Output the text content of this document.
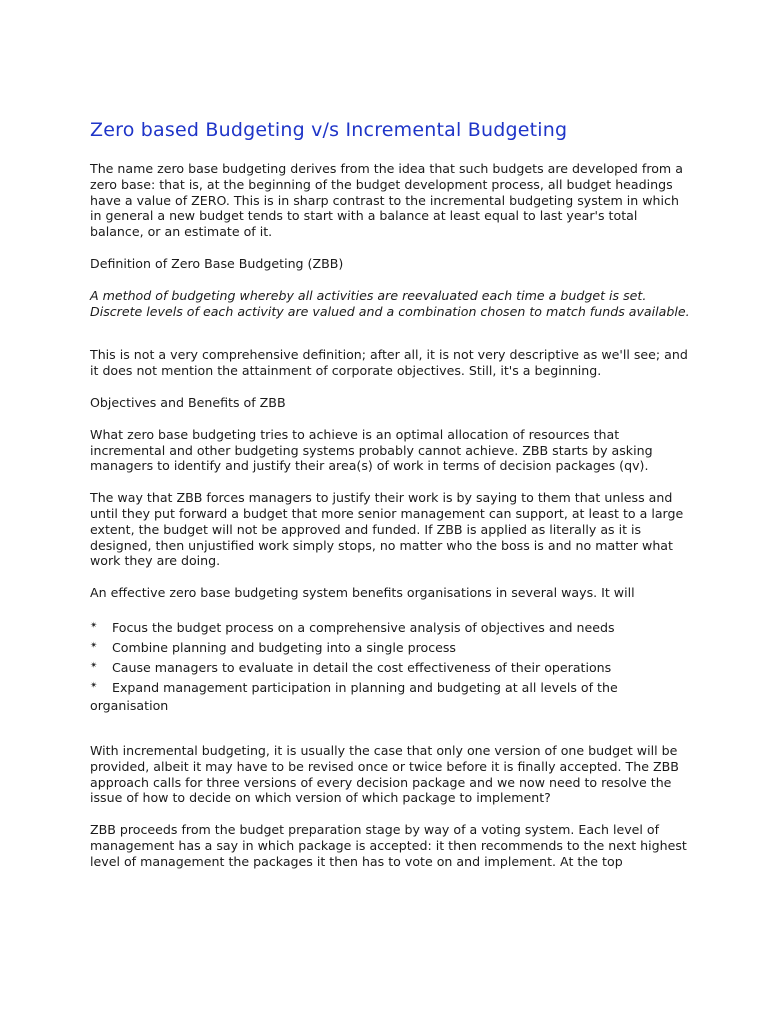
Zero based Budgeting v/s Incremental Budgeting

The name zero base budgeting derives from the idea that such budgets are developed from a zero base: that is, at the beginning of the budget development process, all budget headings have a value of ZERO. This is in sharp contrast to the incremental budgeting system in which in general a new budget tends to start with a balance at least equal to last year's total balance, or an estimate of it.

Definition of Zero Base Budgeting (ZBB)

A method of budgeting whereby all activities are reevaluated each time a budget is set. Discrete levels of each activity are valued and a combination chosen to match funds available.

This is not a very comprehensive definition; after all, it is not very descriptive as we'll see; and it does not mention the attainment of corporate objectives. Still, it's a beginning.

Objectives and Benefits of ZBB

What zero base budgeting tries to achieve is an optimal allocation of resources that incremental and other budgeting systems probably cannot achieve. ZBB starts by asking managers to identify and justify their area(s) of work in terms of decision packages (qv).

The way that ZBB forces managers to justify their work is by saying to them that unless and until they put forward a budget that more senior management can support, at least to a large extent, the budget will not be approved and funded. If ZBB is applied as literally as it is designed, then unjustified work simply stops, no matter who the boss is and no matter what work they are doing.

An effective zero base budgeting system benefits organisations in several ways. It will

✴ Focus the budget process on a comprehensive analysis of objectives and needs
✴ Combine planning and budgeting into a single process
✴ Cause managers to evaluate in detail the cost effectiveness of their operations
✴ Expand management participation in planning and budgeting at all levels of the organisation

With incremental budgeting, it is usually the case that only one version of one budget will be provided, albeit it may have to be revised once or twice before it is finally accepted. The ZBB approach calls for three versions of every decision package and we now need to resolve the issue of how to decide on which version of which package to implement?

ZBB proceeds from the budget preparation stage by way of a voting system. Each level of management has a say in which package is accepted: it then recommends to the next highest level of management the packages it then has to vote on and implement. At the top
